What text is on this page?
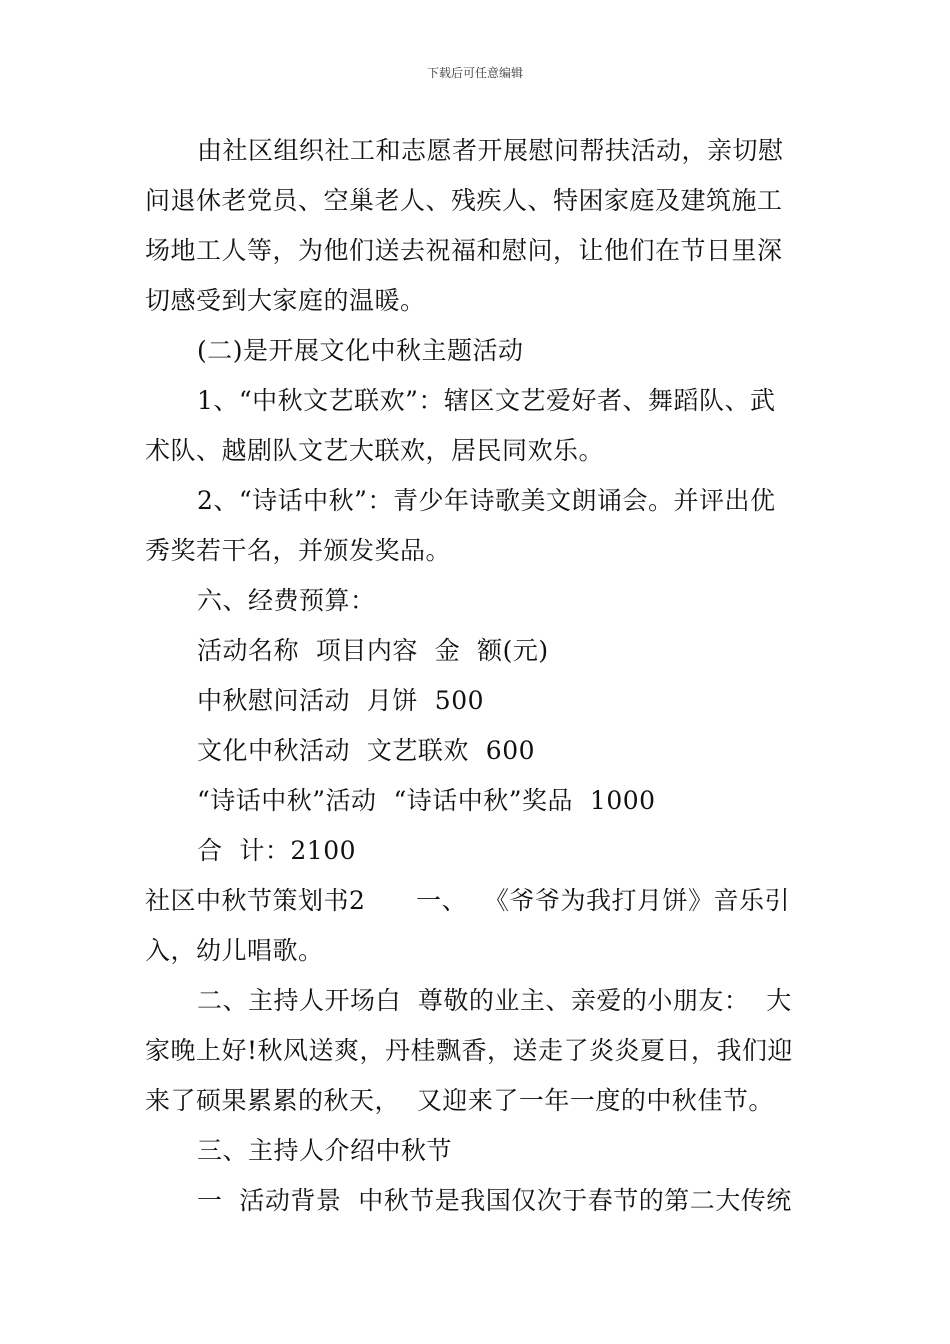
下载后可任意编辑
由社区组织社工和志愿者开展慰问帮扶活动，亲切慰
问退休老党员、空巢老人、残疾人、特困家庭及建筑施工
场地工人等，为他们送去祝福和慰问，让他们在节日里深
切感受到大家庭的温暖。
(二)是开展文化中秋主题活动
1、“中秋文艺联欢”：辖区文艺爱好者、舞蹈队、武
术队、越剧队文艺大联欢，居民同欢乐。
2、“诗话中秋”：青少年诗歌美文朗诵会。并评出优
秀奖若干名，并颁发奖品。
六、经费预算：
活动名称  项目内容  金  额(元)
中秋慰问活动  月饼  500
文化中秋活动  文艺联欢  600
“诗话中秋”活动  “诗话中秋”奖品  1000
合  计：2100
社区中秋节策划书2      一、  《爷爷为我打月饼》音乐引
入，幼儿唱歌。
二、主持人开场白  尊敬的业主、亲爱的小朋友：  大
家晚上好!秋风送爽，丹桂飘香，送走了炎炎夏日，我们迎
来了硕果累累的秋天，  又迎来了一年一度的中秋佳节。
三、主持人介绍中秋节
一  活动背景  中秋节是我国仅次于春节的第二大传统
